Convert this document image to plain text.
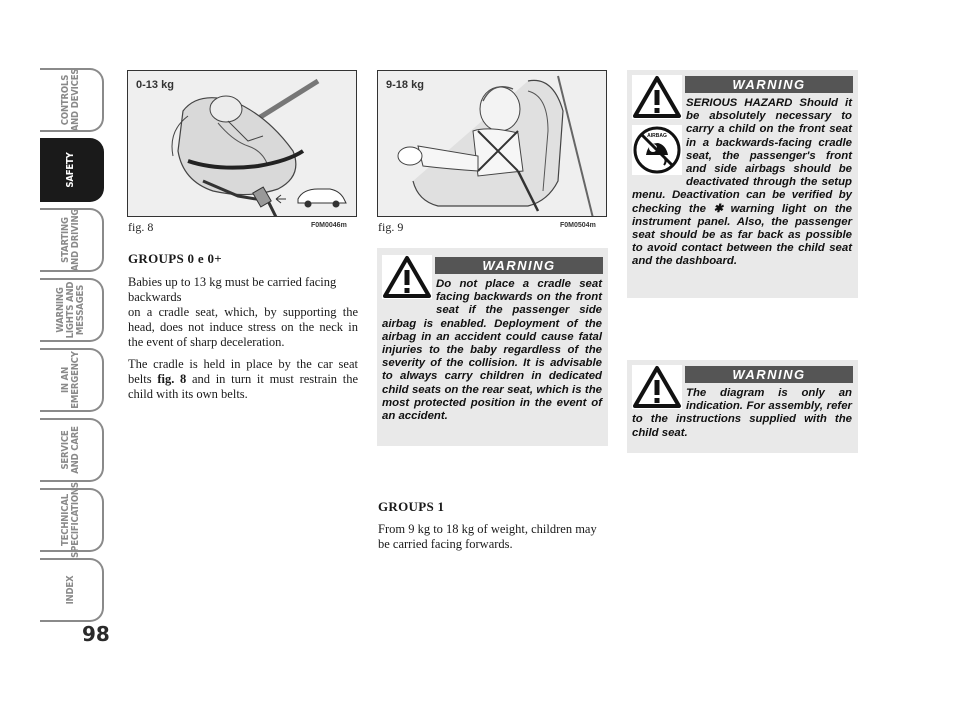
CONTROLS
AND DEVICES
SAFETY
STARTING
AND DRIVING
WARNING
LIGHTS AND
MESSAGES
IN AN
EMERGENCY
SERVICE
AND CARE
TECHNICAL
SPECIFICATIONS
INDEX
98
0-13 kg
fig. 8	F0M0046m
9-18 kg
fig. 9	F0M0504m
GROUPS 0 e 0+

Babies up to 13 kg must be carried facing backwards

on a cradle seat, which, by supporting the head, does not induce stress on the neck in the event of sharp deceleration.

The cradle is held in place by the car seat belts fig. 8 and in turn it must restrain the child with its own belts.

GROUPS 1

From 9 kg to 18 kg of weight, children may be carried facing forwards.

WARNING

Do not place a cradle seat facing backwards on the front seat if the passenger side airbag is enabled. Deployment of the airbag in an accident could cause fatal injuries to the baby regardless of the severity of the collision. It is advisable to always carry children in dedicated child seats on the rear seat, which is the most protected position in the event of an accident.

AIRBAG
WARNING

SERIOUS HAZARD Should it be absolutely necessary to carry a child on the front seat in a backwards-facing cradle seat, the passenger's front and side airbags should be deactivated through the setup menu. Deactivation can be verified by checking the ✱ warning light on the instrument panel. Also, the passenger seat should be as far back as possible to avoid contact between the child seat and the dashboard.

WARNING

The diagram is only an indication. For assembly, refer to the instructions supplied with the child seat.
